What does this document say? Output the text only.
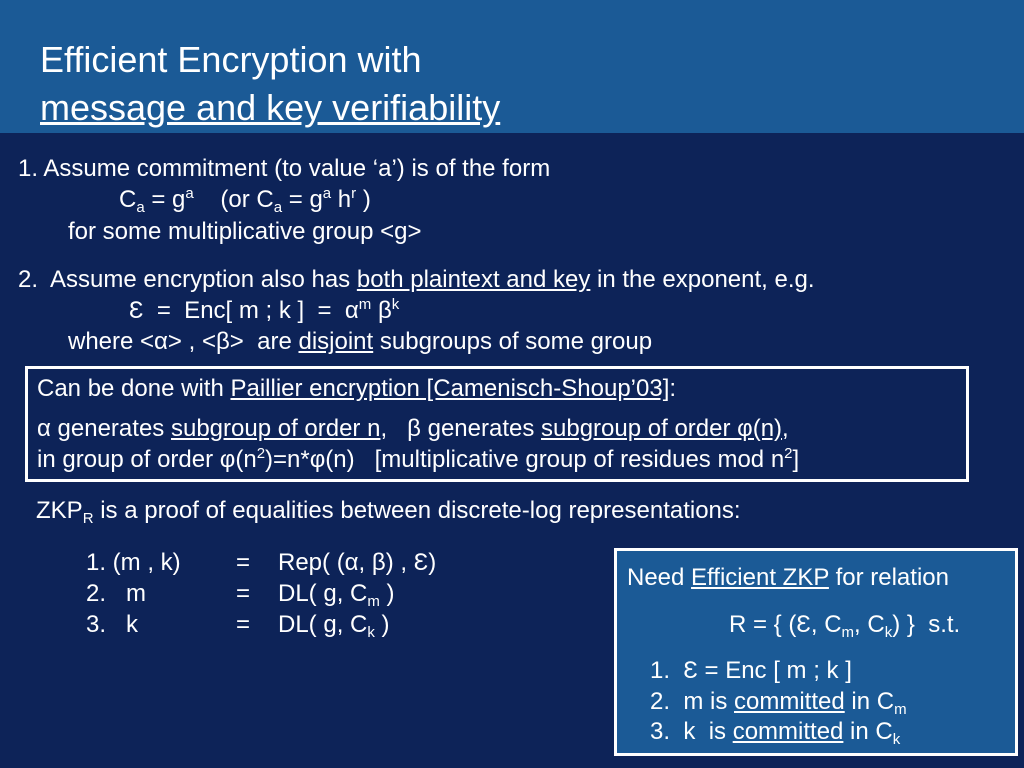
Efficient Encryption with
message and key verifiability
1. Assume commitment (to value ‘a’) is of the form
$C_a = g^a$    (or $C_a = g^a$ $h^r$ )
for some multiplicative group <g>
2.  Assume encryption also has both plaintext and key in the exponent, e.g.
Ɛ  =  Enc[ m ; k ]  =  $\alpha^m$ $\beta^k$
where <α> , <β>  are disjoint subgroups of some group
Can be done with Paillier encryption [Camenisch-Shoup’03]:
α generates subgroup of order n,   β generates subgroup of order φ(n),
in group of order $\varphi(n^2)=n*\varphi(n)$   [multiplicative group of residues mod $n^2$]
$ZKP_R$ is a proof of equalities between discrete-log representations:
1. (m , k) = Rep( (α, β) , Ɛ)
2.   m	= DL( g, $C_m$ )
3.   k	= DL( g, $C_k$ )
Need Efficient ZKP for relation
R = { (Ɛ, $C_m$, $C_k$) }  s.t.
1.  Ɛ = Enc [ m ; k ]
2.  m is committed in $C_m$
3.  k  is committed in $C_k$
